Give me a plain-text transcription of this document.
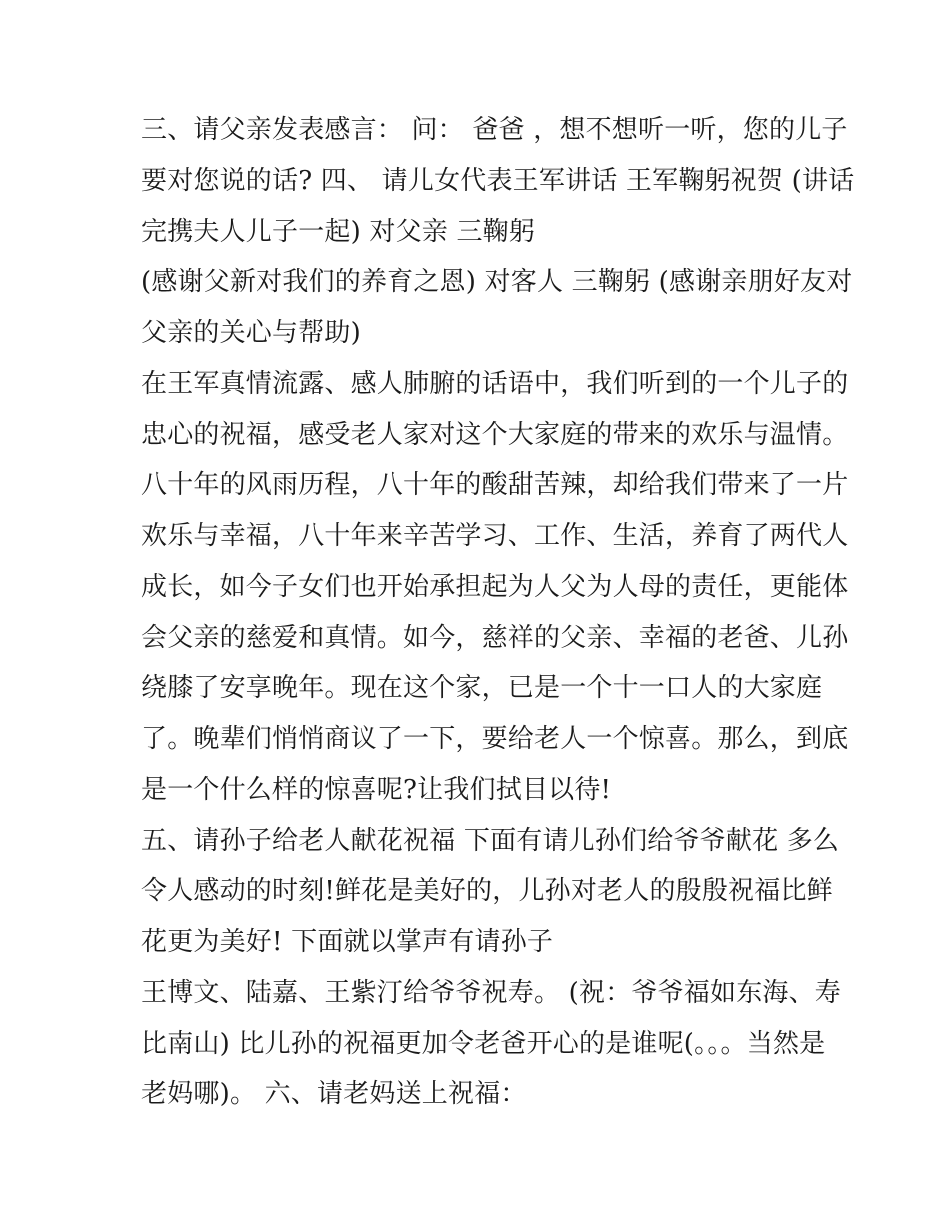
三、请父亲发表感言： 问： 爸爸 ，想不想听一听，您的儿子
要对您说的话? 四、 请儿女代表王军讲话 王军鞠躬祝贺 (讲话
完携夫人儿子一起) 对父亲 三鞠躬
(感谢父新对我们的养育之恩) 对客人 三鞠躬 (感谢亲朋好友对
父亲的关心与帮助)
在王军真情流露、感人肺腑的话语中，我们听到的一个儿子的
忠心的祝福，感受老人家对这个大家庭的带来的欢乐与温情。
八十年的风雨历程，八十年的酸甜苦辣，却给我们带来了一片
欢乐与幸福，八十年来辛苦学习、工作、生活，养育了两代人
成长，如今子女们也开始承担起为人父为人母的责任，更能体
会父亲的慈爱和真情。如今，慈祥的父亲、幸福的老爸、儿孙
绕膝了安享晚年。现在这个家，已是一个十一口人的大家庭
了。晚辈们悄悄商议了一下，要给老人一个惊喜。那么，到底
是一个什么样的惊喜呢?让我们拭目以待!
五、请孙子给老人献花祝福 下面有请儿孙们给爷爷献花 多么
令人感动的时刻!鲜花是美好的，儿孙对老人的殷殷祝福比鲜
花更为美好! 下面就以掌声有请孙子
王博文、陆嘉、王紫汀给爷爷祝寿。 (祝：爷爷福如东海、寿
比南山) 比儿孙的祝福更加令老爸开心的是谁呢(。。。当然是
老妈哪)。 六、请老妈送上祝福：
